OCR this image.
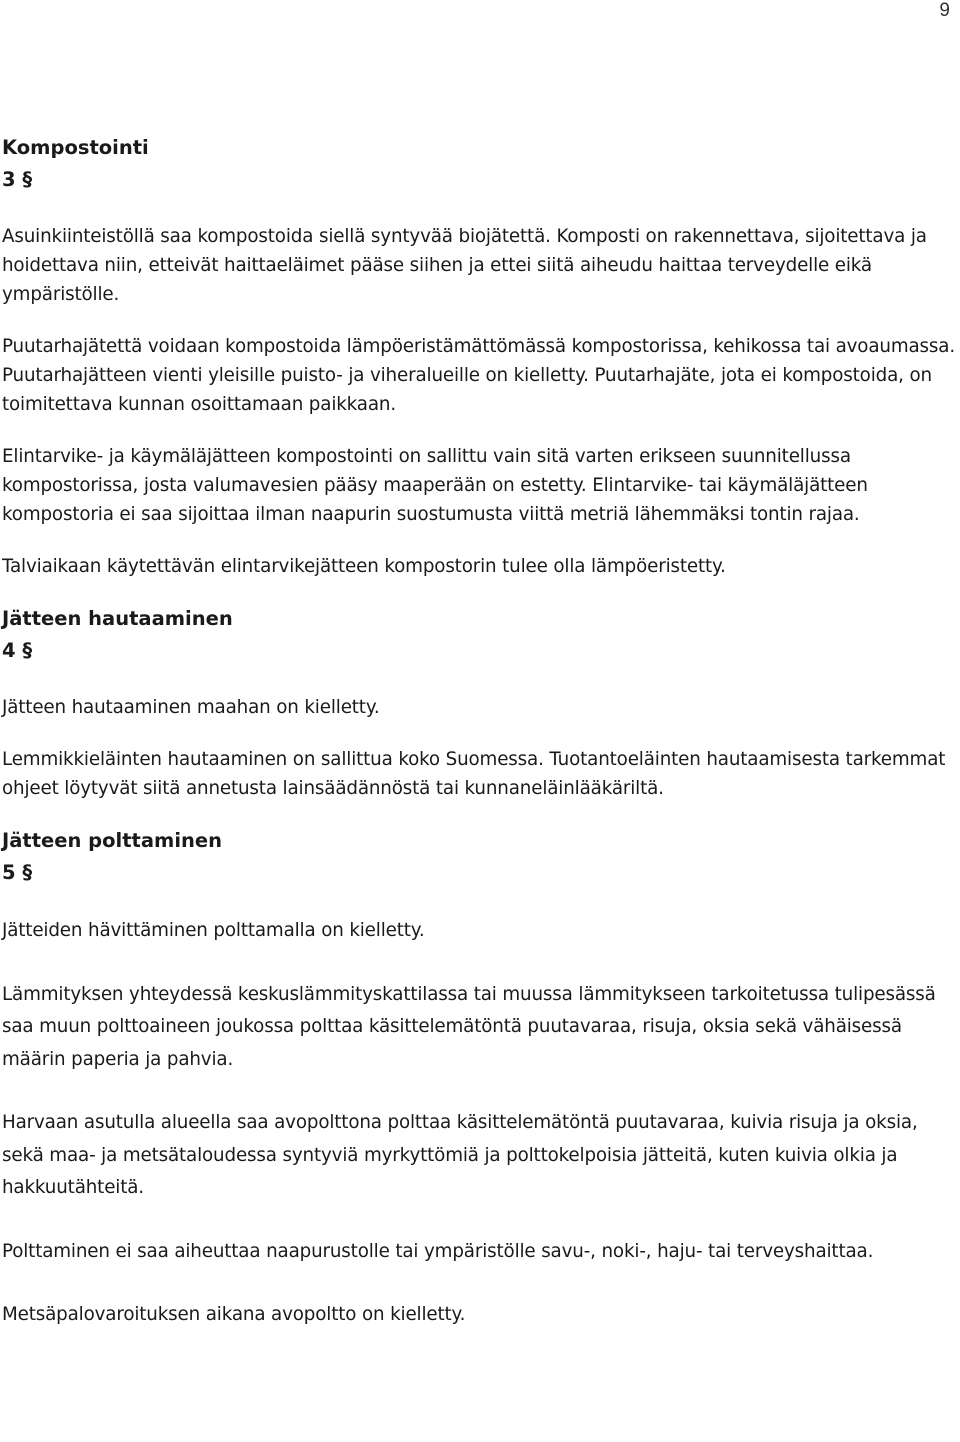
9
Kompostointi
3 §

Asuinkiinteistöllä saa kompostoida siellä syntyvää biojätettä. Komposti on rakennettava, sijoitettava ja hoidettava niin, etteivät haittaeläimet pääse siihen ja ettei siitä aiheudu haittaa terveydelle eikä ympäristölle.

Puutarhajätettä voidaan kompostoida lämpöeristämättömässä kompostorissa, kehikossa tai avoaumassa. Puutarhajätteen vienti yleisille puisto- ja viheralueille on kielletty. Puutarhajäte, jota ei kompostoida, on toimitettava kunnan osoittamaan paikkaan.

Elintarvike- ja käymäläjätteen kompostointi on sallittu vain sitä varten erikseen suunnitellussa kompostorissa, josta valumavesien pääsy maaperään on estetty. Elintarvike- tai käymäläjätteen kompostoria ei saa sijoittaa ilman naapurin suostumusta viittä metriä lähemmäksi tontin rajaa.

Talviaikaan käytettävän elintarvikejätteen kompostorin tulee olla lämpöeristetty.

Jätteen hautaaminen
4 §

Jätteen hautaaminen maahan on kielletty.

Lemmikkieläinten hautaaminen on sallittua koko Suomessa. Tuotantoeläinten hautaamisesta tarkemmat ohjeet löytyvät siitä annetusta lainsäädännöstä tai kunnaneläinlääkäriltä.

Jätteen polttaminen
5 §

Jätteiden hävittäminen polttamalla on kielletty.

Lämmityksen yhteydessä keskuslämmityskattilassa tai muussa lämmitykseen tarkoitetussa tulipesässä saa muun polttoaineen joukossa polttaa käsittelemätöntä puutavaraa, risuja, oksia sekä vähäisessä määrin paperia ja pahvia.

Harvaan asutulla alueella saa avopolttona polttaa käsittelemätöntä puutavaraa, kuivia risuja ja oksia, sekä maa- ja metsätaloudessa syntyviä myrkyttömiä ja polttokelpoisia jätteitä, kuten kuivia olkia ja hakkuutähteitä.

Polttaminen ei saa aiheuttaa naapurustolle tai ympäristölle savu-, noki-, haju- tai terveyshaittaa.

Metsäpalovaroituksen aikana avopoltto on kielletty.
